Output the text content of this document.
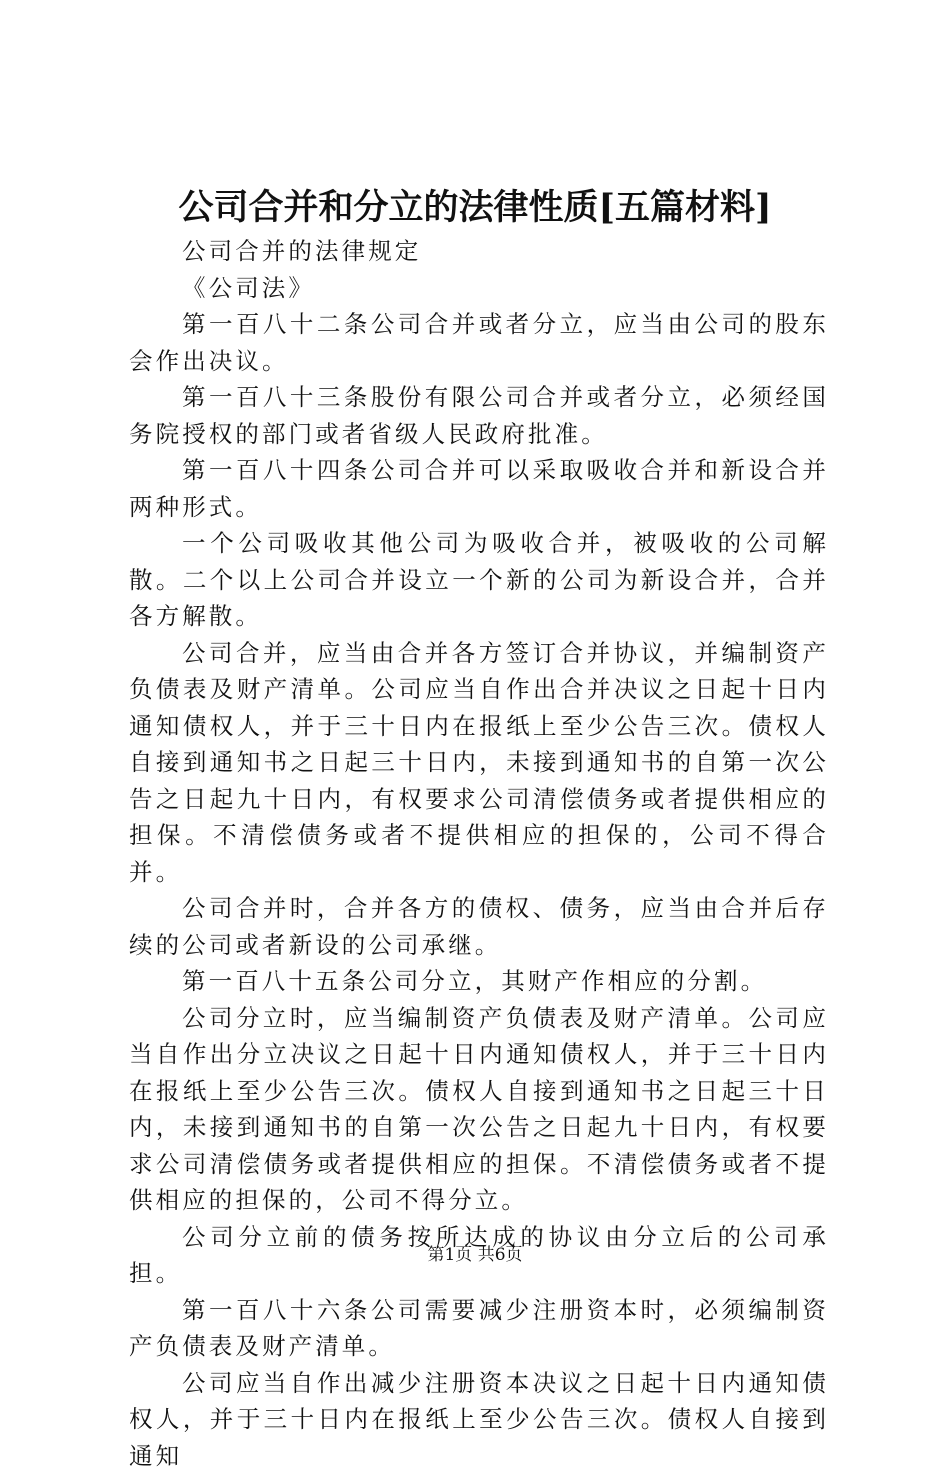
公司合并和分立的法律性质[五篇材料]

公司合并的法律规定

《公司法》

第一百八十二条公司合并或者分立，应当由公司的股东会作出决议。

第一百八十三条股份有限公司合并或者分立，必须经国务院授权的部门或者省级人民政府批准。

第一百八十四条公司合并可以采取吸收合并和新设合并两种形式。

一个公司吸收其他公司为吸收合并，被吸收的公司解散。二个以上公司合并设立一个新的公司为新设合并，合并各方解散。

公司合并，应当由合并各方签订合并协议，并编制资产负债表及财产清单。公司应当自作出合并决议之日起十日内通知债权人，并于三十日内在报纸上至少公告三次。债权人自接到通知书之日起三十日内，未接到通知书的自第一次公告之日起九十日内，有权要求公司清偿债务或者提供相应的担保。不清偿债务或者不提供相应的担保的，公司不得合并。

公司合并时，合并各方的债权、债务，应当由合并后存续的公司或者新设的公司承继。

第一百八十五条公司分立，其财产作相应的分割。

公司分立时，应当编制资产负债表及财产清单。公司应当自作出分立决议之日起十日内通知债权人，并于三十日内在报纸上至少公告三次。债权人自接到通知书之日起三十日内，未接到通知书的自第一次公告之日起九十日内，有权要求公司清偿债务或者提供相应的担保。不清偿债务或者不提供相应的担保的，公司不得分立。

公司分立前的债务按所达成的协议由分立后的公司承担。

第一百八十六条公司需要减少注册资本时，必须编制资产负债表及财产清单。

公司应当自作出减少注册资本决议之日起十日内通知债权人，并于三十日内在报纸上至少公告三次。债权人自接到通知

第1页 共6页
